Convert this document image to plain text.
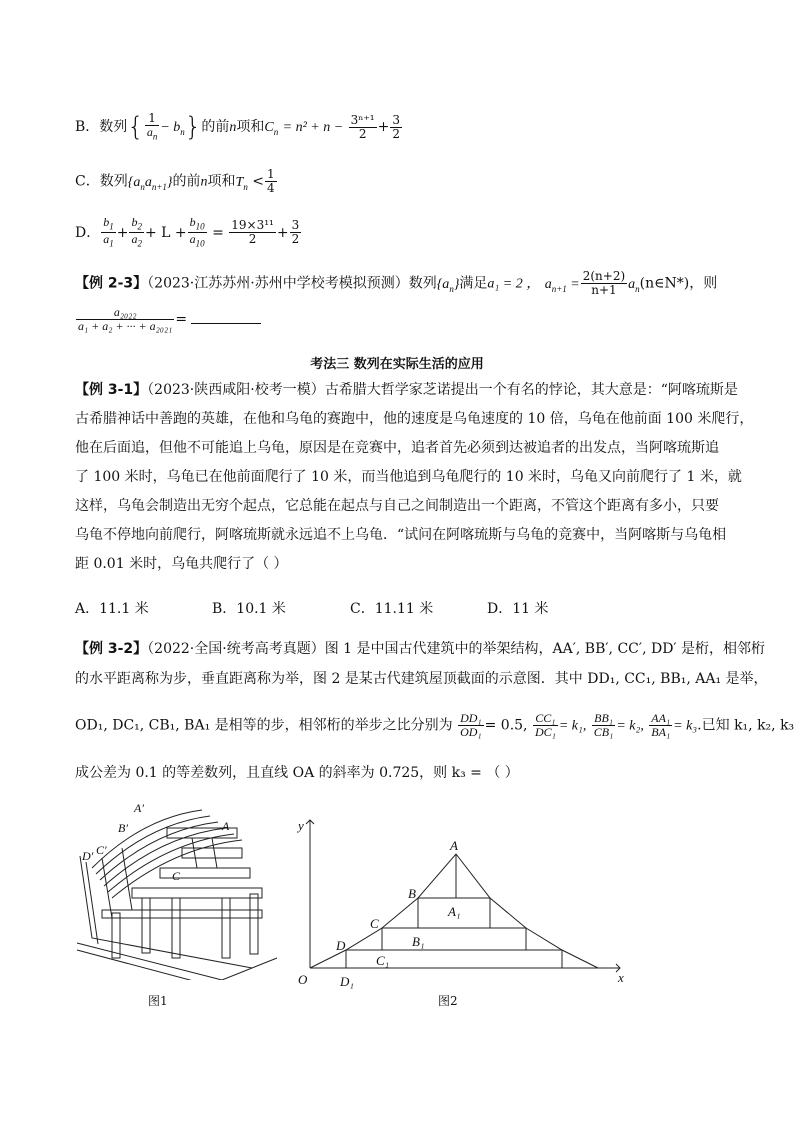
B．数列{ $\frac{1}{a_n} - b_n$}的前n项和$C_n = n^2 + n - \frac{\text{3ⁿ⁺¹}}{2} + \frac{3}{2}$
C．数列$\{a_na_{n+1}\}$的前n项和$T_n < \frac{1}{4}$
D． $\frac{b_1}{a_1} + \frac{b_2}{a_2} + L + \frac{b_{10}}{a_{10}} = \frac{\text{19×3¹¹}}{2} + \frac{3}{2}$
【例 2-3】（2023·江苏苏州·苏州中学校考模拟预测）数列$\{a_n\}$满足a₁ = 2 ， $a_{n+1} = \frac{2(n+2)}{n+1}$ $a_n(n\in N*)$，则
$\frac{\text{a₂₀₂₂}}{\text{a₁ + a₂ + ··· + a₂₀₂₁}}$ =
考法三 数列在实际生活的应用

【例 3-1】（2023·陕西咸阳·校考一模）古希腊大哲学家芝诺提出一个有名的悖论，其大意是：“阿喀琉斯是

古希腊神话中善跑的英雄，在他和乌龟的赛跑中，他的速度是乌龟速度的 10 倍，乌龟在他前面 100 米爬行，

他在后面追，但他不可能追上乌龟，原因是在竞赛中，追者首先必须到达被追者的出发点，当阿喀琉斯追

了 100 米时，乌龟已在他前面爬行了 10 米，而当他追到乌龟爬行的 10 米时，乌龟又向前爬行了 1 米，就

这样，乌龟会制造出无穷个起点，它总能在起点与自己之间制造出一个距离，不管这个距离有多小，只要

乌龟不停地向前爬行，阿喀琉斯就永远追不上乌龟．“试问在阿喀琉斯与乌龟的竞赛中，当阿喀斯与乌龟相

距 0.01 米时，乌龟共爬行了（ ）

A．11.1 米	B．10.1 米	C．11.11 米	D．11 米

【例 3-2】（2022·全国·统考高考真题）图 1 是中国古代建筑中的举架结构，AA′, BB′, CC′, DD′ 是桁，相邻桁

的水平距离称为步，垂直距离称为举，图 2 是某古代建筑屋顶截面的示意图．其中 DD₁, CC₁, BB₁, AA₁ 是举，

OD₁, DC₁, CB₁, BA₁ 是相等的步，相邻桁的举步之比分别为 $\frac{\text{DD₁}}{\text{OD₁}} = 0.5$, $\frac{\text{CC₁}}{\text{DC₁}} = k_1$, $\frac{\text{BB₁}}{\text{CB₁}} = k_2$, $\frac{\text{AA₁}}{\text{BA₁}} = k_3$.已知 k₁, k₂, k₃
成公差为 0.1 的等差数列，且直线 OA 的斜率为 0.725，则 k₃ = （ ）
A′
A
B′
C′
D′
C
图1
y
x
O
A
B
C
D
A₁
B₁
C₁
D₁
图2
